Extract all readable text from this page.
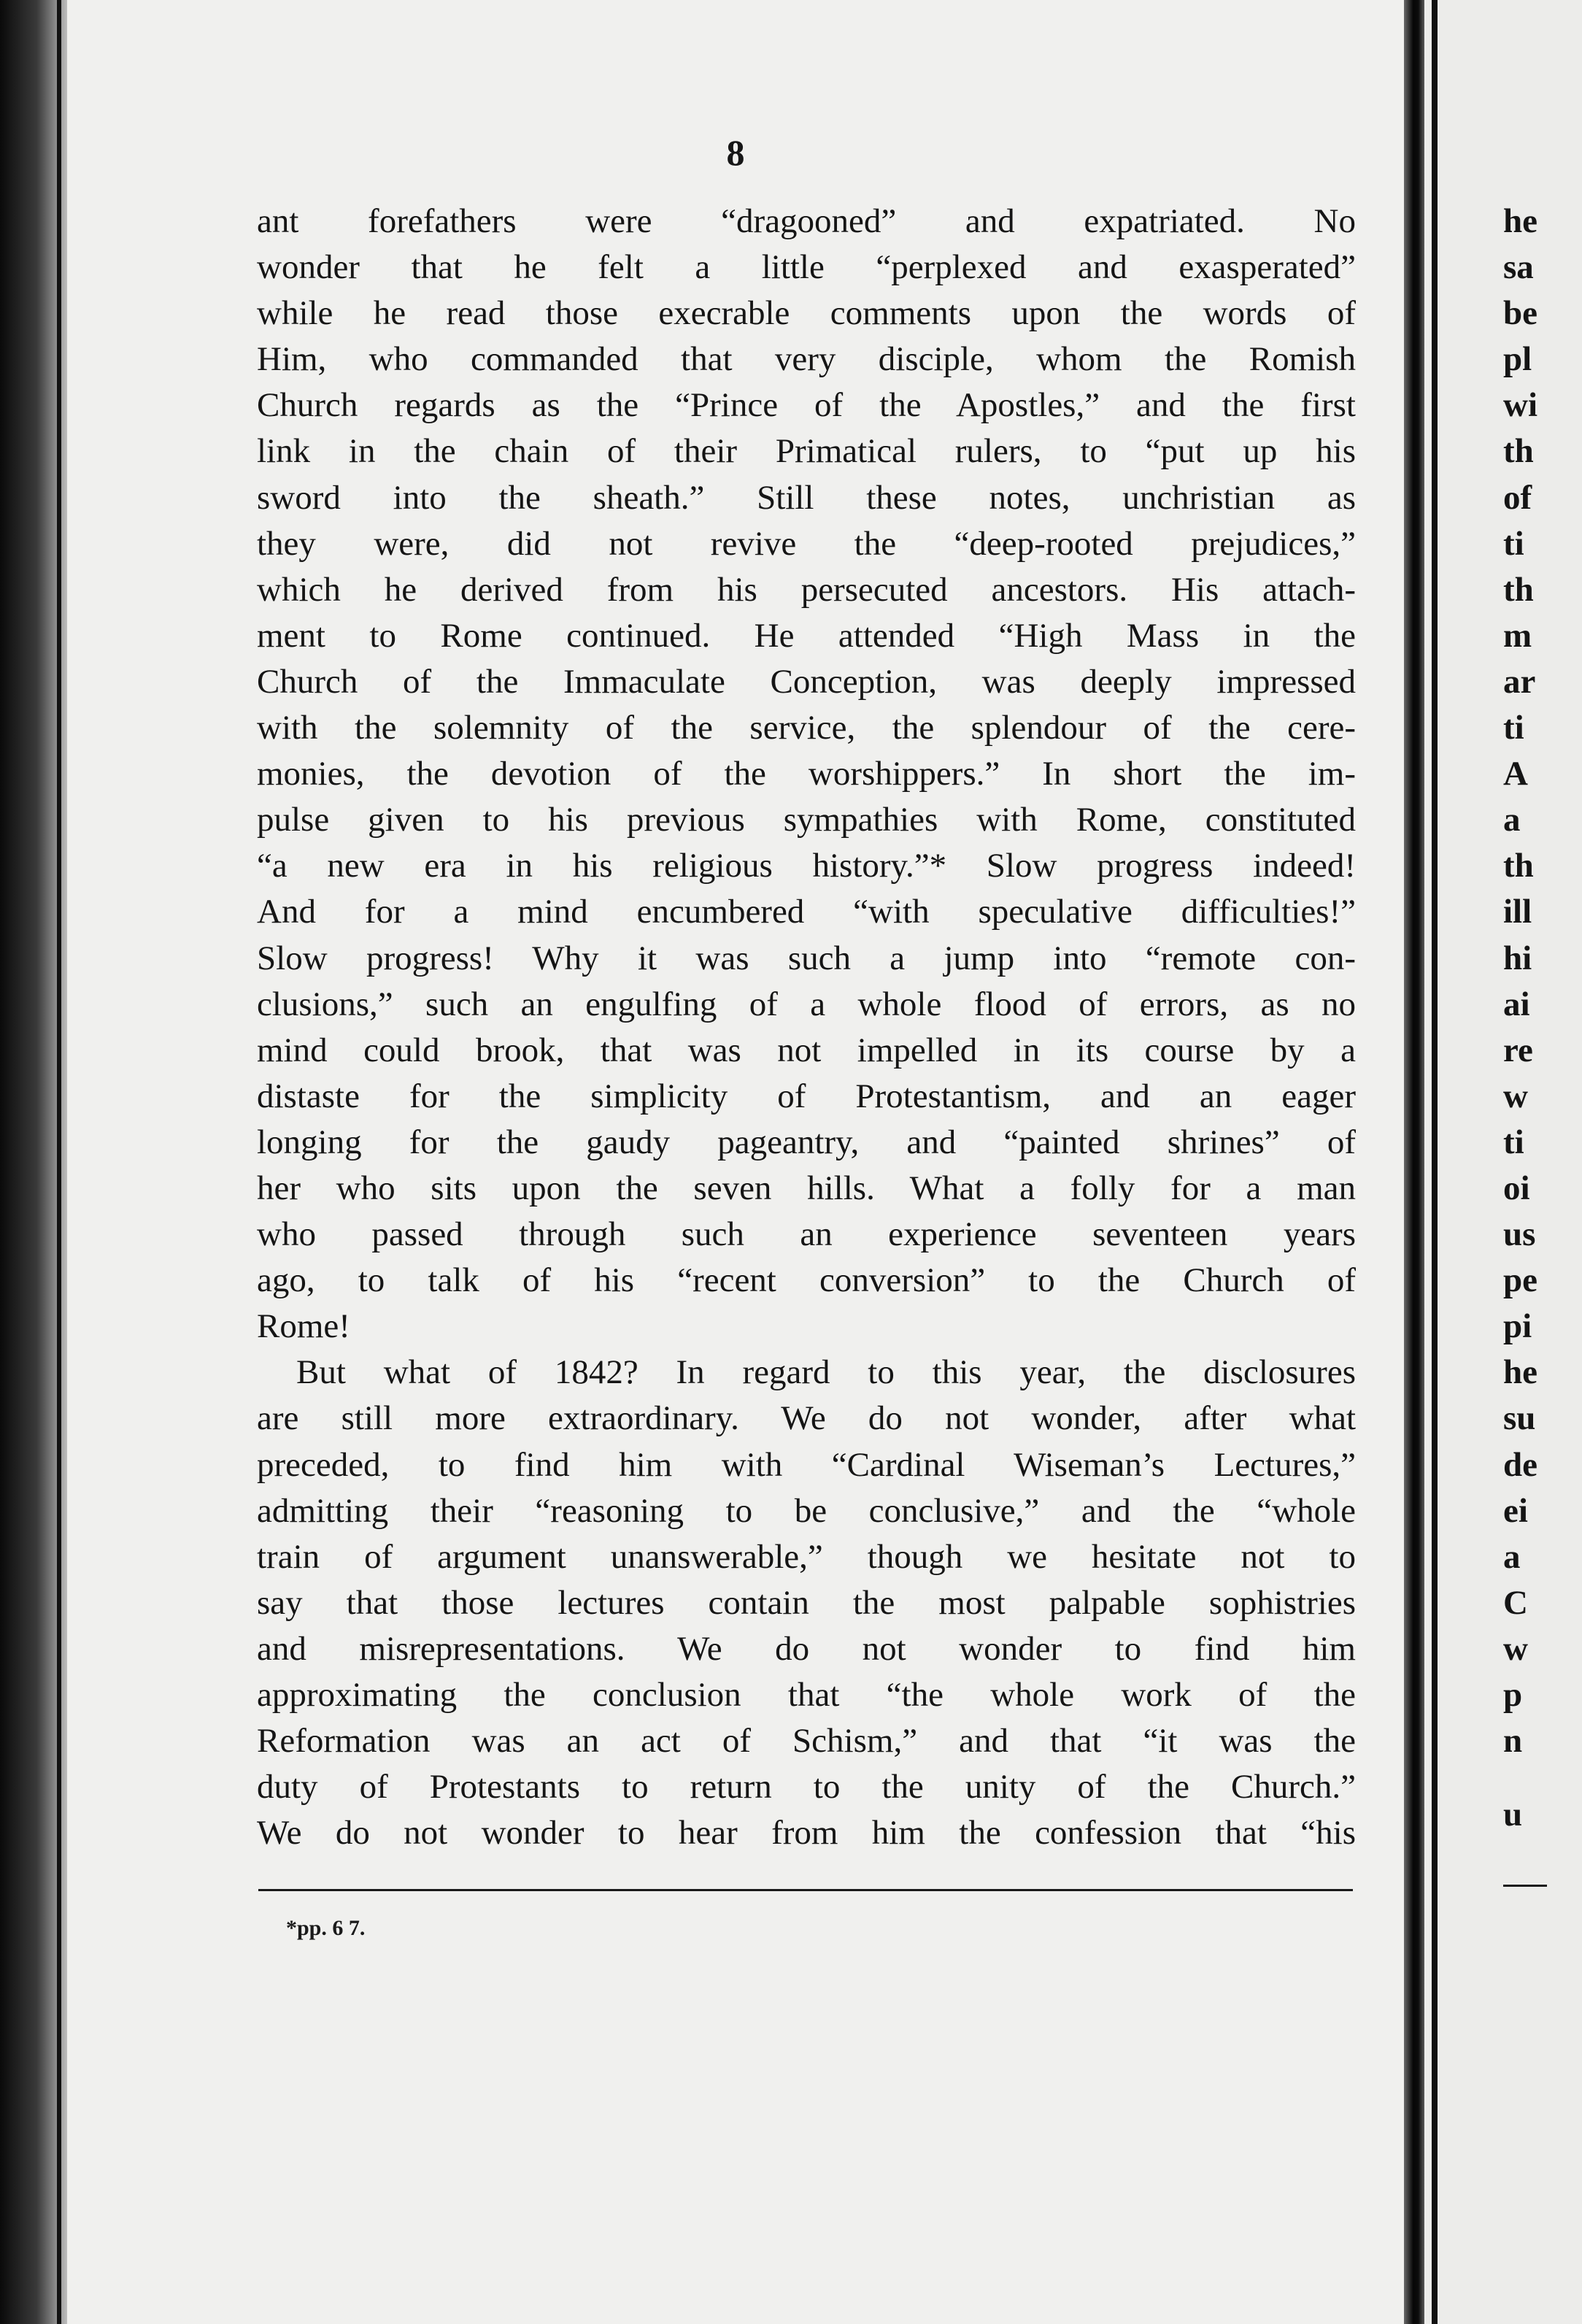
8
ant forefathers were “dragooned” and expatriated. No
wonder that he felt a little “perplexed and exasperated”
while he read those execrable comments upon the words of
Him, who commanded that very disciple, whom the Romish
Church regards as the “Prince of the Apostles,” and the first
link in the chain of their Primatical rulers, to “put up his
sword into the sheath.” Still these notes, unchristian as
they were, did not revive the “deep-rooted prejudices,”
which he derived from his persecuted ancestors. His attach-
ment to Rome continued. He attended “High Mass in the
Church of the Immaculate Conception, was deeply impressed
with the solemnity of the service, the splendour of the cere-
monies, the devotion of the worshippers.” In short the im-
pulse given to his previous sympathies with Rome, constituted
“a new era in his religious history.”* Slow progress indeed!
And for a mind encumbered “with speculative difficulties!”
Slow progress! Why it was such a jump into “remote con-
clusions,” such an engulfing of a whole flood of errors, as no
mind could brook, that was not impelled in its course by a
distaste for the simplicity of Protestantism, and an eager
longing for the gaudy pageantry, and “painted shrines” of
her who sits upon the seven hills. What a folly for a man
who passed through such an experience seventeen years
ago, to talk of his “recent conversion” to the Church of
Rome!
But what of 1842? In regard to this year, the disclosures
are still more extraordinary. We do not wonder, after what
preceded, to find him with “Cardinal Wiseman’s Lectures,”
admitting their “reasoning to be conclusive,” and the “whole
train of argument unanswerable,” though we hesitate not to
say that those lectures contain the most palpable sophistries
and misrepresentations. We do not wonder to find him
approximating the conclusion that “the whole work of the
Reformation was an act of Schism,” and that “it was the
duty of Protestants to return to the unity of the Church.”
We do not wonder to hear from him the confession that “his
*pp. 6 7.
he
sa
be
pl
wi
th
of
ti
th
m
ar
ti
A
a
th
ill
hi
ai
re
w
ti
oi
us
pe
pi
he
su
de
ei
a
C
w
p
n
u
